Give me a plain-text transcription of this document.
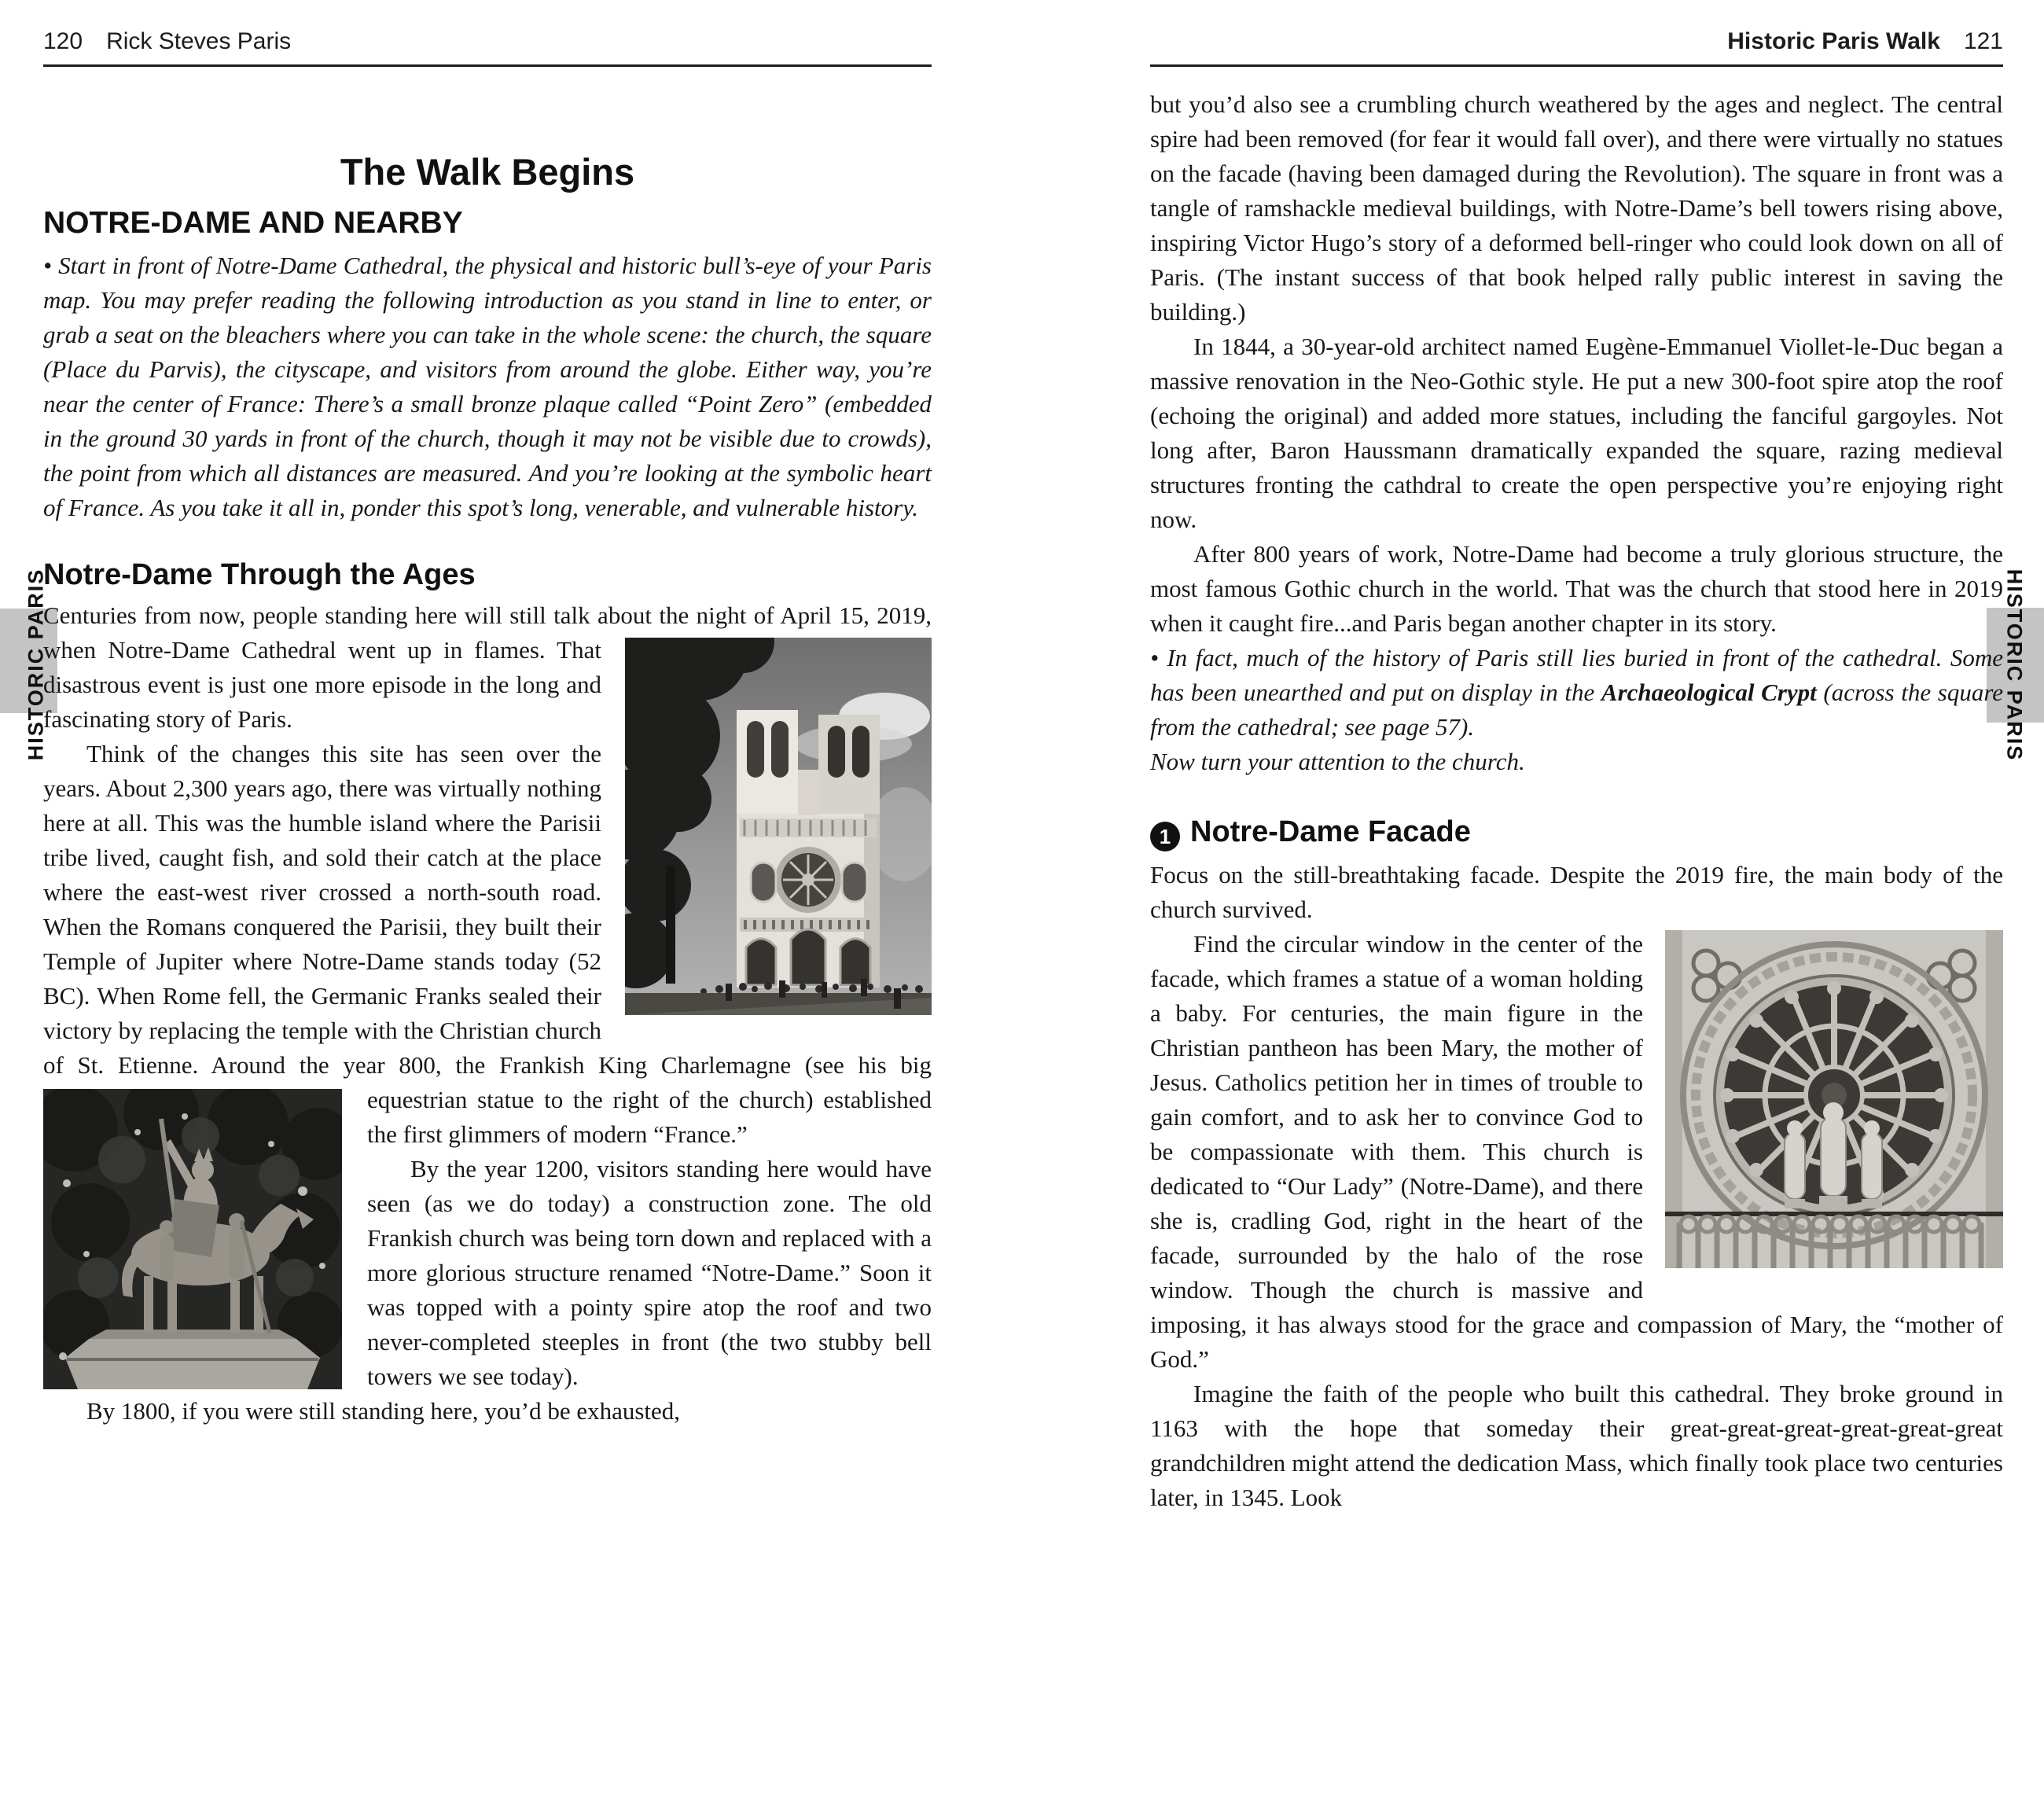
HISTORIC PARIS	HISTORIC PARIS
120 Rick Steves Paris
The Walk Begins
NOTRE-DAME AND NEARBY

• Start in front of Notre-Dame Cathedral, the physical and historic bull’s-eye of your Paris map. You may prefer reading the following introduction as you stand in line to enter, or grab a seat on the bleachers where you can take in the whole scene: the church, the square (Place du Parvis), the cityscape, and visitors from around the globe. Either way, you’re near the center of France: There’s a small bronze plaque called “Point Zero” (embedded in the ground 30 yards in front of the church, though it may not be visible due to crowds), the point from which all distances are measured. And you’re looking at the symbolic heart of France. As you take it all in, ponder this spot’s long, venerable, and vulnerable history.

Notre-Dame Through the Ages

Centuries from now, people standing here will still talk about the night of April 15, 2019, when Notre-Dame Cathedral went up in
flames. That disastrous event is just one more episode in the long and fascinating story of Paris.

Think of the changes this site has seen over the years. About 2,300 years ago, there was virtually nothing here at all. This was the humble island where the Parisii tribe lived, caught fish, and sold their catch at the place where the east-west river crossed a north-south road. When the Romans conquered the Parisii, they built their Temple of Jupiter where Notre-Dame stands today (52 BC). When Rome fell, the Germanic Franks sealed their victory by replacing the temple with the Christian church of St. Etienne. Around the year 800, the Frankish King Charlemagne (see his big equestrian statue to the
right of the church) established the first glimmers of modern “France.”

By the year 1200, visitors standing here would have seen (as we do today) a construction zone. The old Frankish church was being torn down and replaced with a more glorious structure renamed “Notre-Dame.” Soon it was topped with a pointy spire atop the roof and two never-completed steeples in front (the two stubby bell towers we see today).

By 1800, if you were still standing here, you’d be exhausted,

Historic Paris Walk 121

but you’d also see a crumbling church weathered by the ages and neglect. The central spire had been removed (for fear it would fall over), and there were virtually no statues on the facade (having been damaged during the Revolution). The square in front was a tangle of ramshackle medieval buildings, with Notre-Dame’s bell towers rising above, inspiring Victor Hugo’s story of a deformed bell-ringer who could look down on all of Paris. (The instant success of that book helped rally public interest in saving the building.)

In 1844, a 30-year-old architect named Eugène-Emmanuel Viollet-le-Duc began a massive renovation in the Neo-Gothic style. He put a new 300-foot spire atop the roof (echoing the original) and added more statues, including the fanciful gargoyles. Not long after, Baron Haussmann dramatically expanded the square, razing medieval structures fronting the cathdral to create the open perspective you’re enjoying right now.

After 800 years of work, Notre-Dame had become a truly glorious structure, the most famous Gothic church in the world. That was the church that stood here in 2019 when it caught fire...and Paris began another chapter in its story.

• In fact, much of the history of Paris still lies buried in front of the cathedral. Some has been unearthed and put on display in the Archaeological Crypt (across the square from the cathedral; see page 57).

Now turn your attention to the church.

1 Notre-Dame Facade

Focus on the still-breathtaking facade. Despite the 2019 fire, the main body of the church survived.

Find the circular window in the center of the facade, which frames a statue of a woman holding a baby. For centuries, the main figure in the Christian pantheon has been Mary, the mother of Jesus. Catholics petition her in times of trouble to gain comfort, and to ask her to convince God to be compassionate with them. This church is dedicated to “Our Lady” (Notre-Dame), and there she is, cradling God, right in the heart of the facade, surrounded by the halo of the rose window. Though the church is massive and imposing, it has always stood for the grace and compassion of Mary, the “mother of God.”

Imagine the faith of the people who built this cathedral. They broke ground in 1163 with the hope that someday their great-great-great-great-great-great grandchildren might attend the dedication Mass, which finally took place two centuries later, in 1345. Look
